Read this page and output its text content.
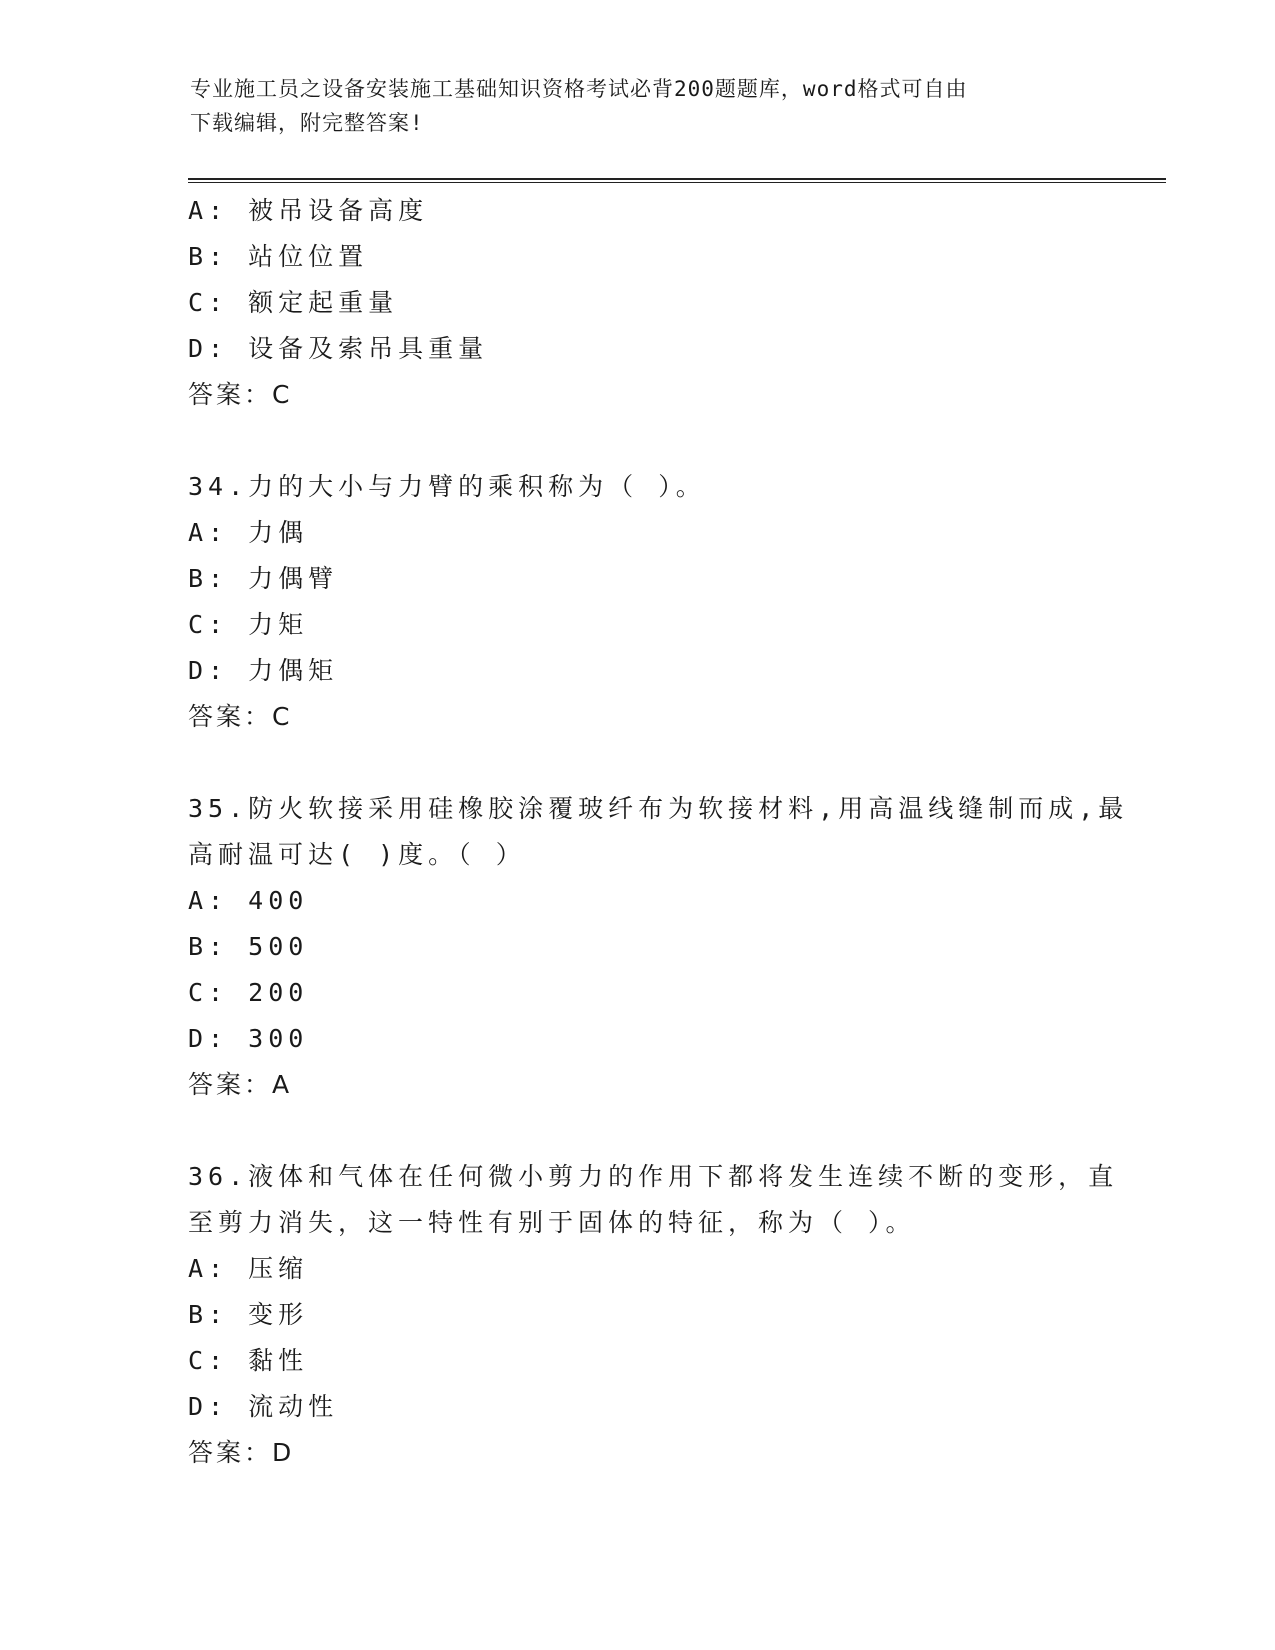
专业施工员之设备安装施工基础知识资格考试必背200题题库，word格式可自由
下载编辑，附完整答案!
A: 被吊设备高度
B: 站位位置
C: 额定起重量
D: 设备及索吊具重量
答案：C
34.力的大小与力臂的乘积称为（ ）。
A: 力偶
B: 力偶臂
C: 力矩
D: 力偶矩
答案：C
35.防火软接采用硅橡胶涂覆玻纤布为软接材料,用高温线缝制而成,最
高耐温可达( )度。（ ）
A: 400
B: 500
C: 200
D: 300
答案：A
36.液体和气体在任何微小剪力的作用下都将发生连续不断的变形，直
至剪力消失，这一特性有别于固体的特征，称为（ ）。
A: 压缩
B: 变形
C: 黏性
D: 流动性
答案：D
